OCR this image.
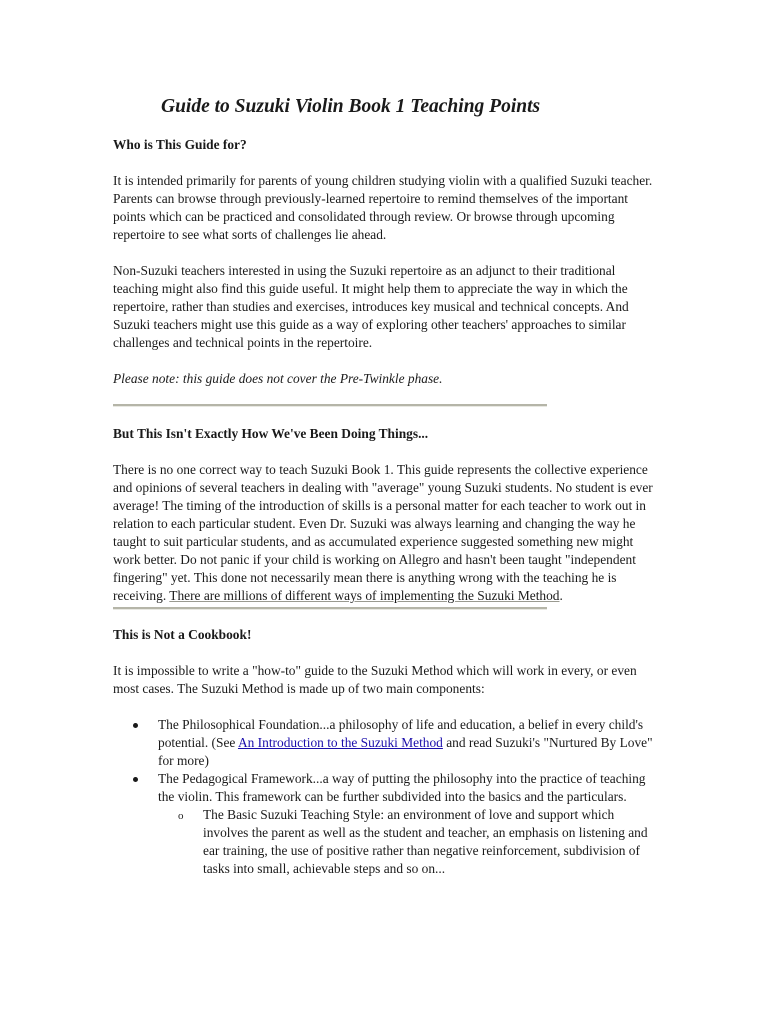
Guide to Suzuki Violin Book 1 Teaching Points
Who is This Guide for?

It is intended primarily for parents of young children studying violin with a qualified Suzuki teacher. Parents can browse through previously-learned repertoire to remind themselves of the important points which can be practiced and consolidated through review. Or browse through upcoming repertoire to see what sorts of challenges lie ahead.

Non-Suzuki teachers interested in using the Suzuki repertoire as an adjunct to their traditional teaching might also find this guide useful. It might help them to appreciate the way in which the repertoire, rather than studies and exercises, introduces key musical and technical concepts. And Suzuki teachers might use this guide as a way of exploring other teachers' approaches to similar challenges and technical points in the repertoire.

Please note: this guide does not cover the Pre-Twinkle phase.

But This Isn't Exactly How We've Been Doing Things...

There is no one correct way to teach Suzuki Book 1. This guide represents the collective experience and opinions of several teachers in dealing with "average" young Suzuki students. No student is ever average! The timing of the introduction of skills is a personal matter for each teacher to work out in relation to each particular student. Even Dr. Suzuki was always learning and changing the way he taught to suit particular students, and as accumulated experience suggested something new might work better. Do not panic if your child is working on Allegro and hasn't been taught "independent fingering" yet. This done not necessarily mean there is anything wrong with the teaching he is receiving. There are millions of different ways of implementing the Suzuki Method.

This is Not a Cookbook!

It is impossible to write a "how-to" guide to the Suzuki Method which will work in every, or even most cases. The Suzuki Method is made up of two main components:

The Philosophical Foundation...a philosophy of life and education, a belief in every child's potential. (See An Introduction to the Suzuki Method and read Suzuki's "Nurtured By Love" for more)
The Pedagogical Framework...a way of putting the philosophy into the practice of teaching the violin. This framework can be further subdivided into the basics and the particulars.
o The Basic Suzuki Teaching Style: an environment of love and support which involves the parent as well as the student and teacher, an emphasis on listening and ear training, the use of positive rather than negative reinforcement, subdivision of tasks into small, achievable steps and so on...
